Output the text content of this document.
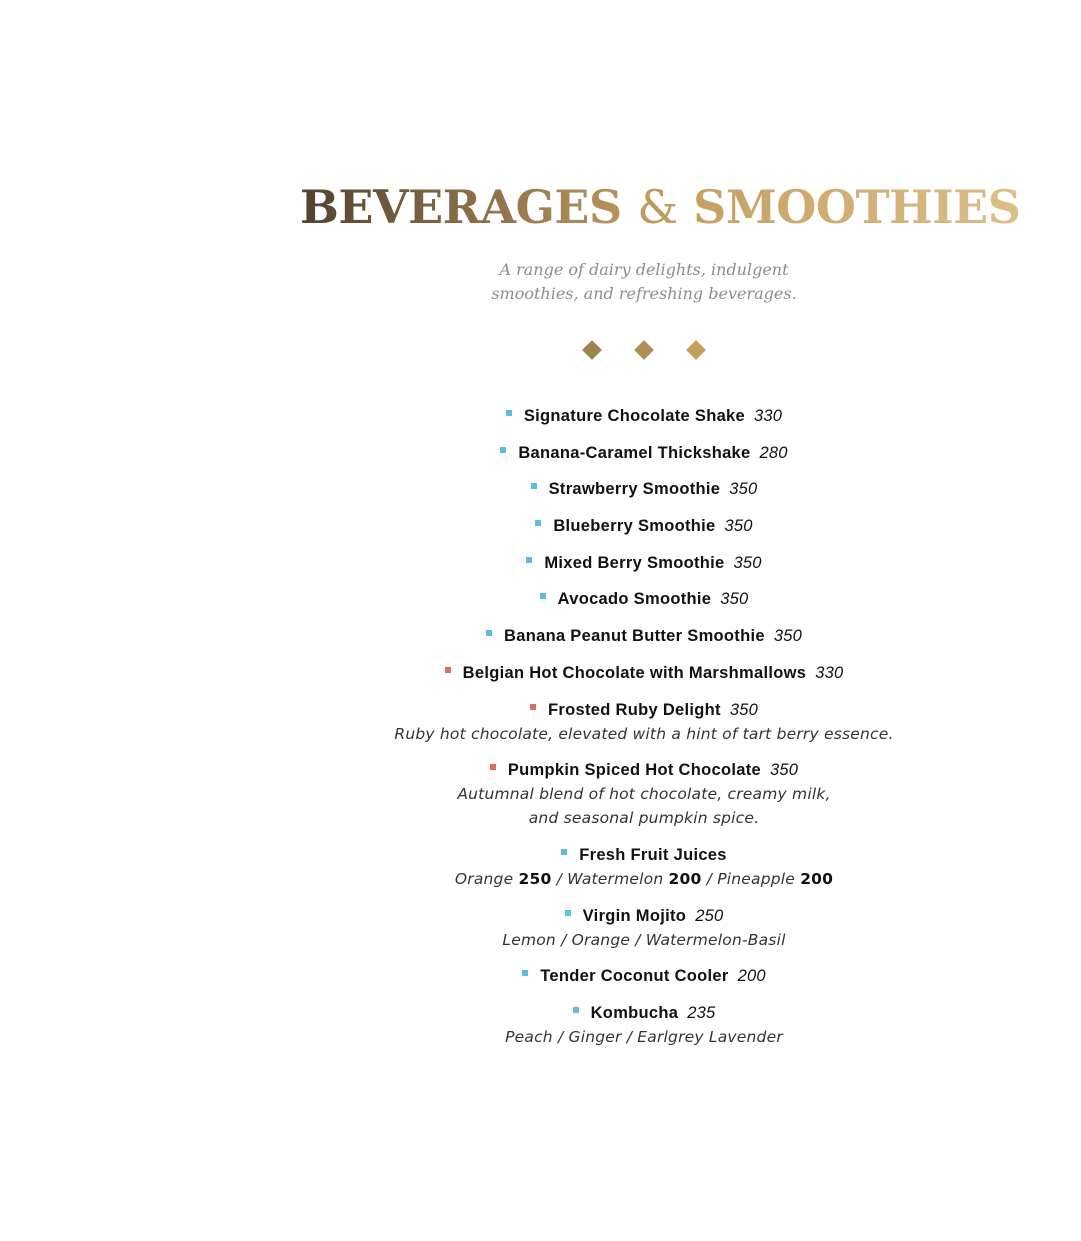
BEVERAGES & SMOOTHIES
A range of dairy delights, indulgent
smoothies, and refreshing beverages.
Signature Chocolate Shake 330
Banana-Caramel Thickshake 280
Strawberry Smoothie 350
Blueberry Smoothie 350
Mixed Berry Smoothie 350
Avocado Smoothie 350
Banana Peanut Butter Smoothie 350
Belgian Hot Chocolate with Marshmallows 330
Frosted Ruby Delight 350
Ruby hot chocolate, elevated with a hint of tart berry essence.
Pumpkin Spiced Hot Chocolate 350
Autumnal blend of hot chocolate, creamy milk,
and seasonal pumpkin spice.
Fresh Fruit Juices
Orange 250 / Watermelon 200 / Pineapple 200
Virgin Mojito 250
Lemon / Orange / Watermelon-Basil
Tender Coconut Cooler 200
Kombucha 235
Peach / Ginger / Earlgrey Lavender
